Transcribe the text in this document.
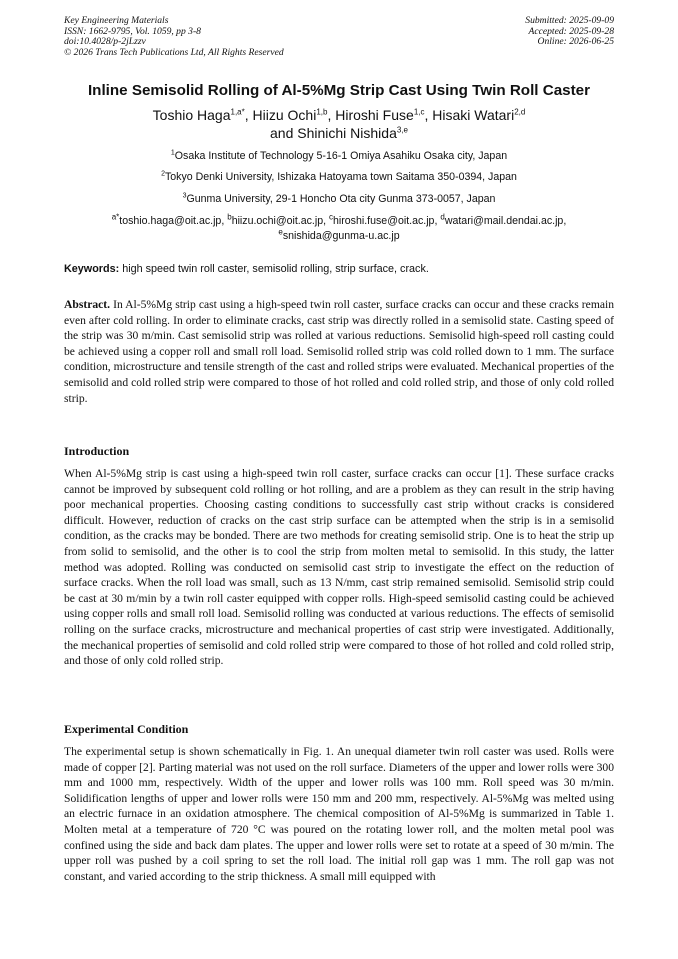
Key Engineering Materials
ISSN: 1662-9795, Vol. 1059, pp 3-8
doi:10.4028/p-2jLzzv
© 2026 Trans Tech Publications Ltd, All Rights Reserved
Submitted: 2025-09-09
Accepted: 2025-09-28
Online: 2026-06-25
Inline Semisolid Rolling of Al-5%Mg Strip Cast Using Twin Roll Caster
Toshio Haga$^{1,a*}$, Hiizu Ochi$^{1,b}$, Hiroshi Fuse$^{1,c}$, Hisaki Watari$^{2,d}$
and Shinichi Nishida$^{3,e}$
$^1$Osaka Institute of Technology 5-16-1 Omiya Asahiku Osaka city, Japan
$^2$Tokyo Denki University, Ishizaka Hatoyama town Saitama 350-0394, Japan
$^3$Gunma University, 29-1 Honcho Ota city Gunma 373-0057, Japan
$^{a*}$toshio.haga@oit.ac.jp, $^b$hiizu.ochi@oit.ac.jp, $^c$hiroshi.fuse@oit.ac.jp, $^d$watari@mail.dendai.ac.jp,
$^e$snishida@gunma-u.ac.jp
Keywords: high speed twin roll caster, semisolid rolling, strip surface, crack.
Abstract. In Al-5%Mg strip cast using a high-speed twin roll caster, surface cracks can occur and these cracks remain even after cold rolling. In order to eliminate cracks, cast strip was directly rolled in a semisolid state. Casting speed of the strip was 30 m/min. Cast semisolid strip was rolled at various reductions. Semisolid high-speed roll casting could be achieved using a copper roll and small roll load. Semisolid rolled strip was cold rolled down to 1 mm. The surface condition, microstructure and tensile strength of the cast and rolled strips were evaluated. Mechanical properties of the semisolid and cold rolled strip were compared to those of hot rolled and cold rolled strip, and those of only cold rolled strip.
Introduction
When Al-5%Mg strip is cast using a high-speed twin roll caster, surface cracks can occur [1]. These surface cracks cannot be improved by subsequent cold rolling or hot rolling, and are a problem as they can result in the strip having poor mechanical properties. Choosing casting conditions to successfully cast strip without cracks is considered difficult. However, reduction of cracks on the cast strip surface can be attempted when the strip is in a semisolid condition, as the cracks may be bonded. There are two methods for creating semisolid strip. One is to heat the strip up from solid to semisolid, and the other is to cool the strip from molten metal to semisolid. In this study, the latter method was adopted. Rolling was conducted on semisolid cast strip to investigate the effect on the reduction of surface cracks. When the roll load was small, such as 13 N/mm, cast strip remained semisolid. Semisolid strip could be cast at 30 m/min by a twin roll caster equipped with copper rolls. High-speed semisolid casting could be achieved using copper rolls and small roll load. Semisolid rolling was conducted at various reductions. The effects of semisolid rolling on the surface cracks, microstructure and mechanical properties of cast strip were investigated. Additionally, the mechanical properties of semisolid and cold rolled strip were compared to those of hot rolled and cold rolled strip, and those of only cold rolled strip.
Experimental Condition
The experimental setup is shown schematically in Fig. 1. An unequal diameter twin roll caster was used. Rolls were made of copper [2]. Parting material was not used on the roll surface. Diameters of the upper and lower rolls were 300 mm and 1000 mm, respectively. Width of the upper and lower rolls was 100 mm. Roll speed was 30 m/min. Solidification lengths of upper and lower rolls were 150 mm and 200 mm, respectively. Al-5%Mg was melted using an electric furnace in an oxidation atmosphere. The chemical composition of Al-5%Mg is summarized in Table 1. Molten metal at a temperature of 720 °C was poured on the rotating lower roll, and the molten metal pool was confined using the side and back dam plates. The upper and lower rolls were set to rotate at a speed of 30 m/min. The upper roll was pushed by a coil spring to set the roll load. The initial roll gap was 1 mm. The roll gap was not constant, and varied according to the strip thickness. A small mill equipped with
